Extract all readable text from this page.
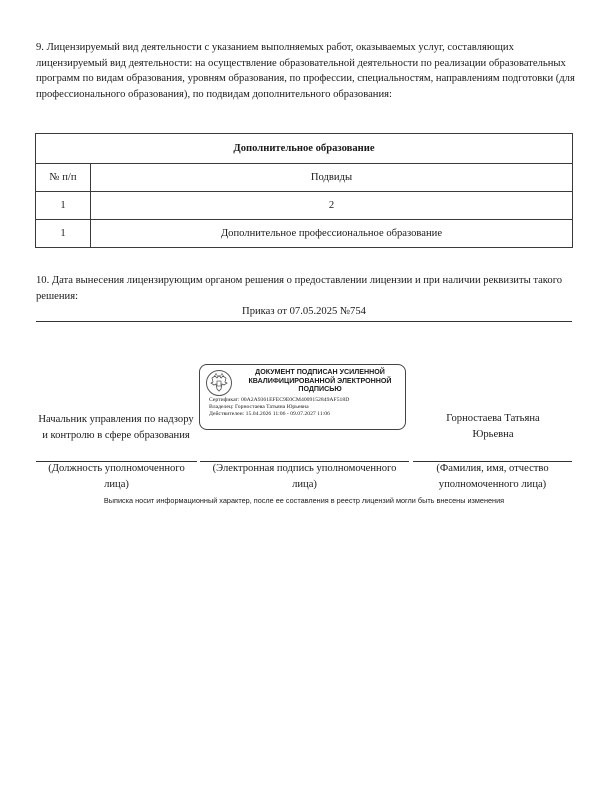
9. Лицензируемый вид деятельности с указанием выполняемых работ, оказываемых услуг, составляющих лицензируемый вид деятельности: на осуществление образовательной деятельности по реализации образовательных программ по видам образования, уровням образования, по профессии, специальностям, направлениям подготовки (для профессионального образования), по подвидам дополнительного образования:

Дополнительное образование	
№ п/п	Подвиды
1	2
1	Дополнительное профессиональное образование

10. Дата вынесения лицензирующим органом решения о предоставлении лицензии и при наличии реквизиты такого решения:

Приказ от 07.05.2025 №754
ДОКУМЕНТ ПОДПИСАН УСИЛЕННОЙ КВАЛИФИЦИРОВАННОЙ ЭЛЕКТРОННОЙ ПОДПИСЬЮ
Сертификат: 00A2A9361EFEC9E0CM4009152849AF518D
Владелец: Горностаева Татьяна Юрьевна
Действителен: 15.04.2026 11:06 - 09.07.2027 11:06
Начальник управления по надзору и контролю в сфере образования
Горностаева Татьяна Юрьевна
(Должность уполномоченного лица)
(Электронная подпись уполномоченного лица)
(Фамилия, имя, отчество уполномоченного лица)
Выписка носит информационный характер, после ее составления в реестр лицензий могли быть внесены изменения
